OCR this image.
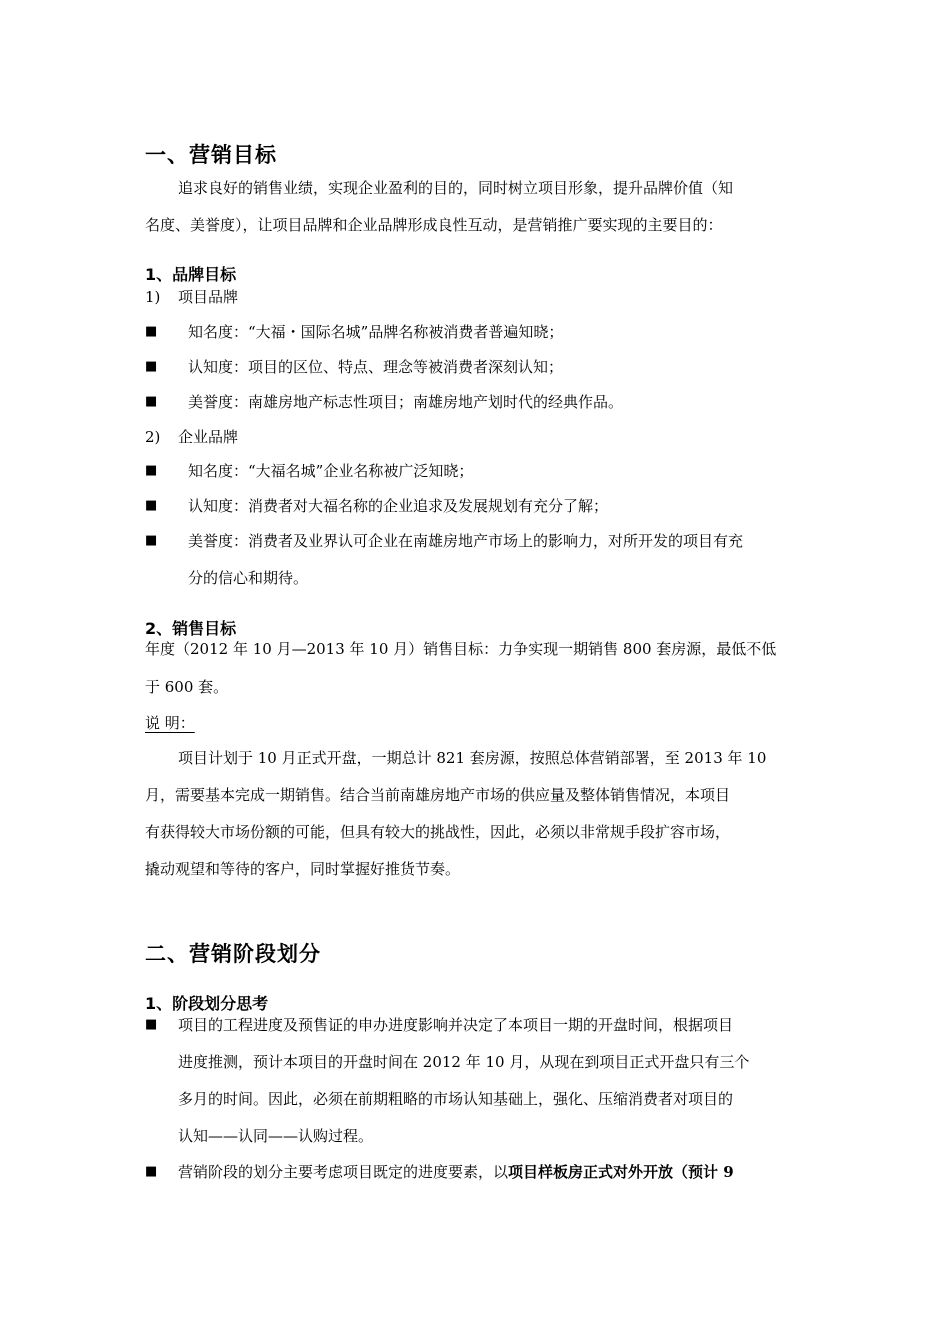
一、营销目标
追求良好的销售业绩，实现企业盈利的目的，同时树立项目形象，提升品牌价值（知
名度、美誉度），让项目品牌和企业品牌形成良性互动，是营销推广要实现的主要目的：
1、品牌目标
1) 项目品牌
■ 知名度：“大福・国际名城”品牌名称被消费者普遍知晓；
■ 认知度：项目的区位、特点、理念等被消费者深刻认知；
■ 美誉度：南雄房地产标志性项目；南雄房地产划时代的经典作品。
2) 企业品牌
■ 知名度：“大福名城”企业名称被广泛知晓；
■ 认知度：消费者对大福名称的企业追求及发展规划有充分了解；
■ 美誉度：消费者及业界认可企业在南雄房地产市场上的影响力，对所开发的项目有充
分的信心和期待。
2、销售目标
年度（2012 年 10 月—2013 年 10 月）销售目标：力争实现一期销售 800 套房源，最低不低
于 600 套。
说 明：
项目计划于 10 月正式开盘，一期总计 821 套房源，按照总体营销部署，至 2013 年 10
月，需要基本完成一期销售。结合当前南雄房地产市场的供应量及整体销售情况，本项目
有获得较大市场份额的可能，但具有较大的挑战性，因此，必须以非常规手段扩容市场，
撬动观望和等待的客户，同时掌握好推货节奏。
二、营销阶段划分
1、阶段划分思考
■ 项目的工程进度及预售证的申办进度影响并决定了本项目一期的开盘时间，根据项目
进度推测，预计本项目的开盘时间在 2012 年 10 月，从现在到项目正式开盘只有三个
多月的时间。因此，必须在前期粗略的市场认知基础上，强化、压缩消费者对项目的
认知——认同——认购过程。
■ 营销阶段的划分主要考虑项目既定的进度要素，以项目样板房正式对外开放（预计 9
